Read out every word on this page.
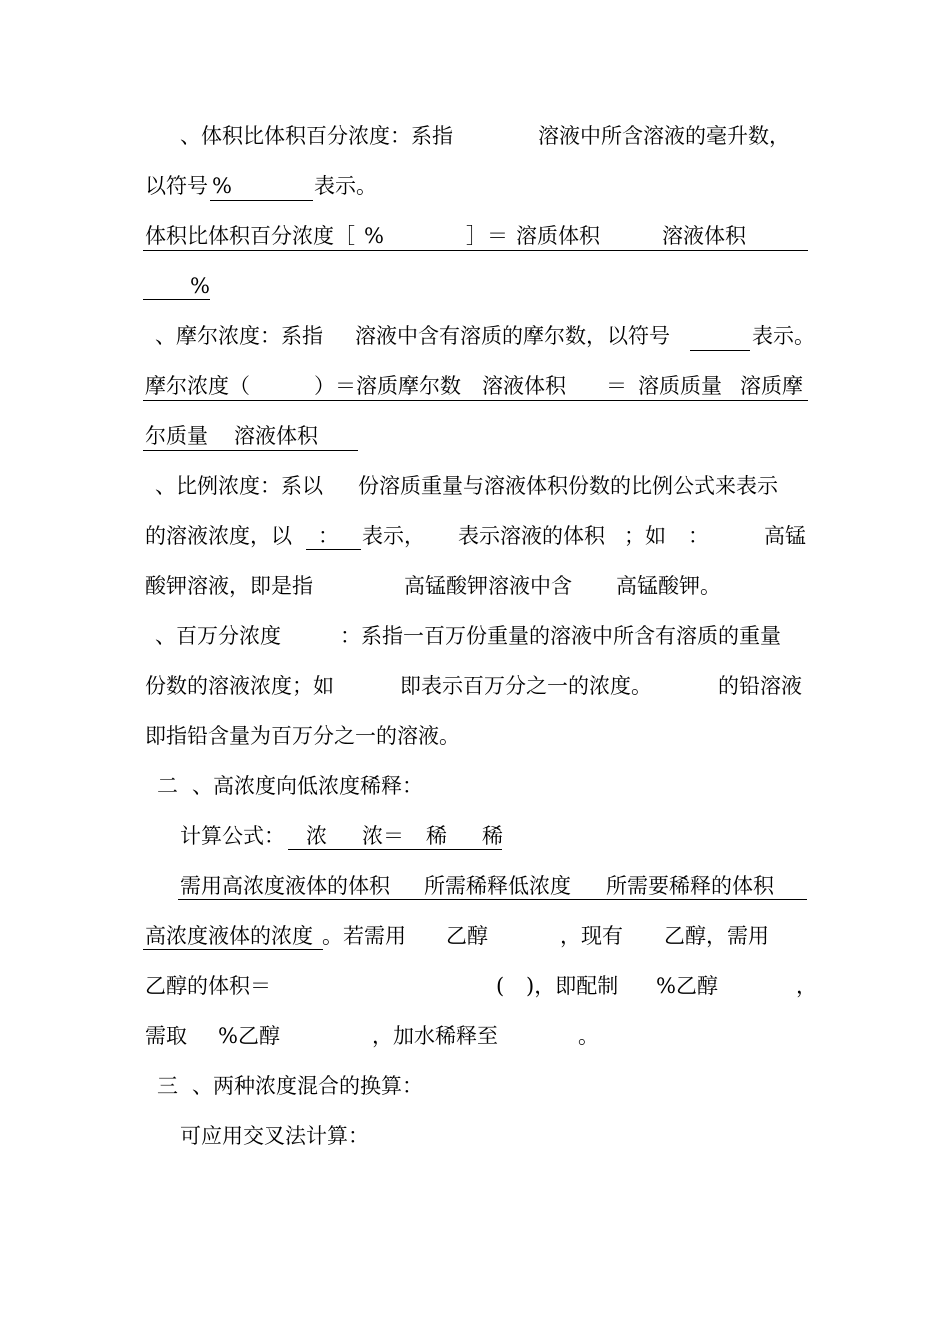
、体积比体积百分浓度：系指	溶液中所含溶液的毫升数，
以符号 %	表示。
体积比体积百分浓度［ %	］＝ 溶质体积	溶液体积
%
、摩尔浓度：系指 溶液中含有溶质的摩尔数，以符号	表示。
摩尔浓度（	）＝溶质摩尔数 溶液体积 ＝ 溶质质量 溶质摩
尔质量 溶液体积
、比例浓度：系以 份溶质重量与溶液体积份数的比例公式来表示
的溶液浓度，以 ： 表示， 表示溶液的体积 ；如 ：	高锰
酸钾溶液，即是指	高锰酸钾溶液中含 高锰酸钾。
、百万分浓度	：系指一百万份重量的溶液中所含有溶质的重量
份数的溶液浓度；如	即表示百万分之一的浓度。	的铅溶液
即指铅含量为百万分之一的溶液。
二 、高浓度向低浓度稀释：
计算公式： 浓 浓＝ 稀 稀
需用高浓度液体的体积 所需稀释低浓度 所需要稀释的体积
高浓度液体的浓度 。若需用 乙醇	，现有 乙醇，需用
乙醇的体积＝	( )，即配制 %乙醇	，
需取 %乙醇	，加水稀释至	。
三 、两种浓度混合的换算：
可应用交叉法计算：
